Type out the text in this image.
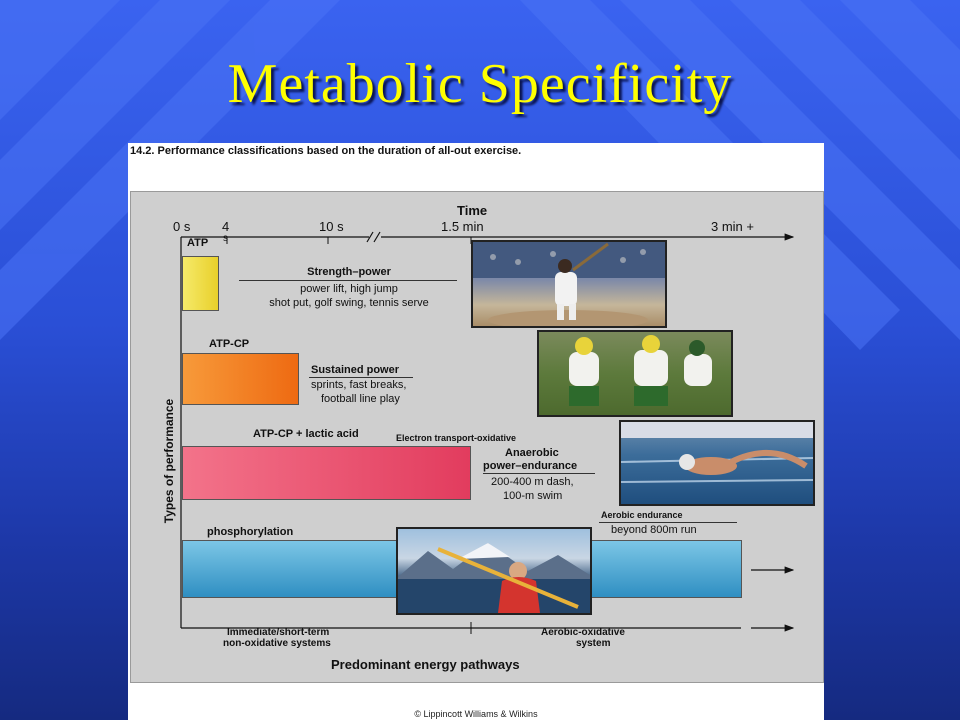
Metabolic Specificity
14.2. Performance classifications based on the duration of all-out exercise.
Time
0 s 4
s
10 s	1.5 min	3 min +
Types of performance
ATP
Strength–power
power lift, high jump
shot put, golf swing, tennis serve
ATP-CP
Sustained power
sprints, fast breaks,
football line play
ATP-CP + lactic acid	Electron transport-oxidative
Anaerobic
power–endurance
200-400 m dash,
100-m swim
phosphorylation
Aerobic endurance
beyond 800m run
Immediate/short-term
non-oxidative systems
Aerobic-oxidative
system
Predominant energy pathways
© Lippincott Williams & Wilkins
